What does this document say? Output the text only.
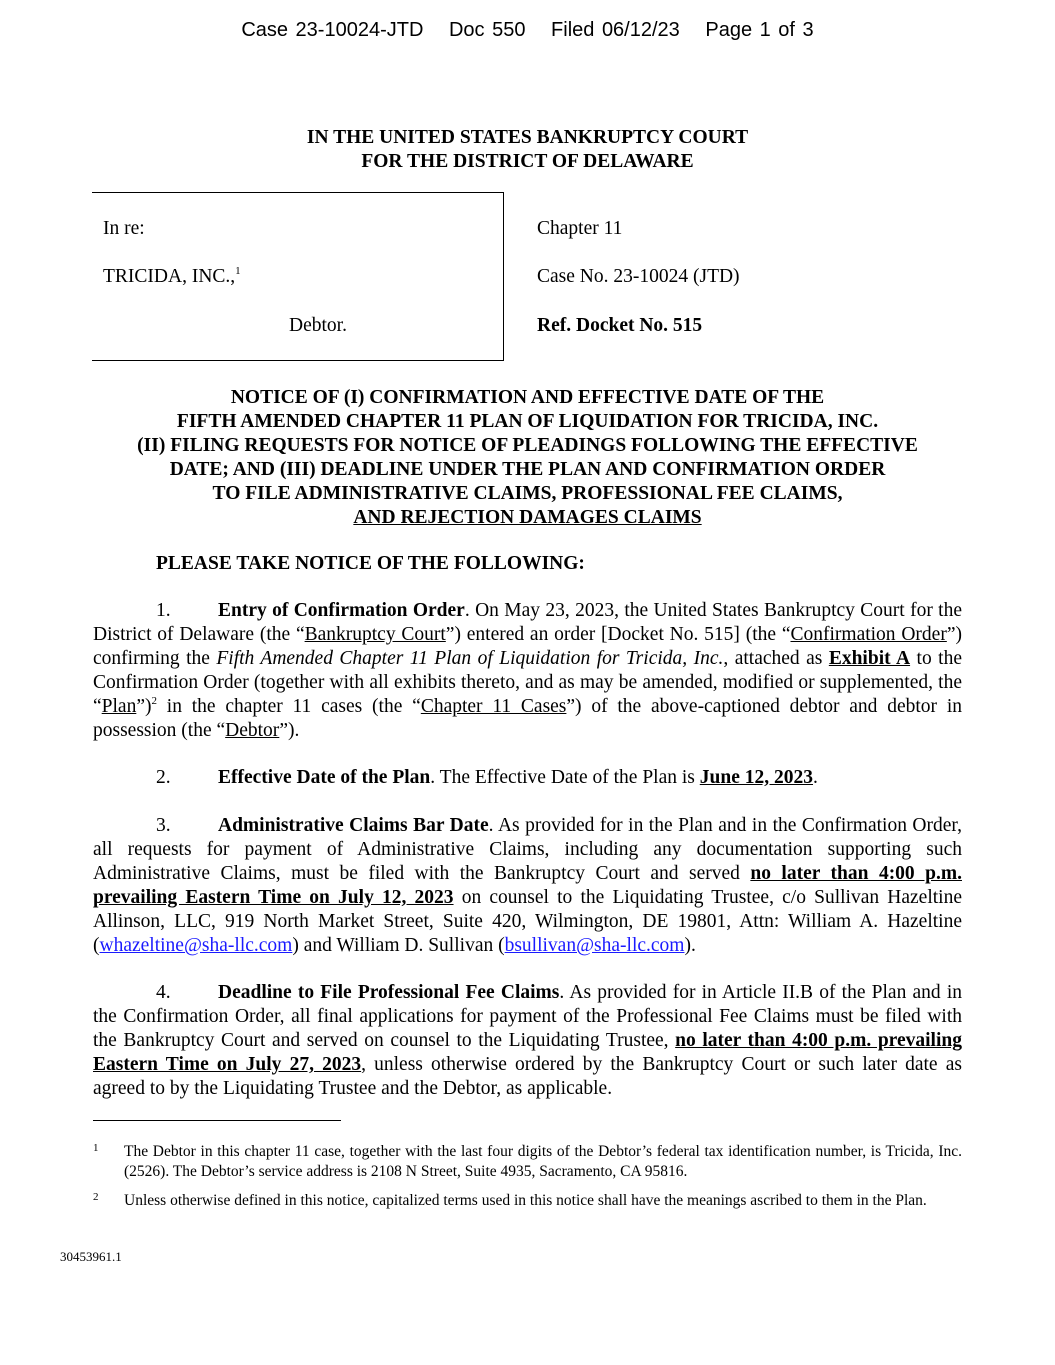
Case 23-10024-JTD Doc 550 Filed 06/12/23 Page 1 of 3
IN THE UNITED STATES BANKRUPTCY COURT
FOR THE DISTRICT OF DELAWARE
In re:
TRICIDA, INC.,$^1$
Debtor.
Chapter 11
Case No. 23-10024 (JTD)
Ref. Docket No. 515
NOTICE OF (I) CONFIRMATION AND EFFECTIVE DATE OF THE
FIFTH AMENDED CHAPTER 11 PLAN OF LIQUIDATION FOR TRICIDA, INC.
(II) FILING REQUESTS FOR NOTICE OF PLEADINGS FOLLOWING THE EFFECTIVE
DATE; AND (III) DEADLINE UNDER THE PLAN AND CONFIRMATION ORDER
TO FILE ADMINISTRATIVE CLAIMS, PROFESSIONAL FEE CLAIMS,
AND REJECTION DAMAGES CLAIMS
PLEASE TAKE NOTICE OF THE FOLLOWING:
1. Entry of Confirmation Order. On May 23, 2023, the United States Bankruptcy Court for the District of Delaware (the “Bankruptcy Court”) entered an order [Docket No. 515] (the “Confirmation Order”) confirming the Fifth Amended Chapter 11 Plan of Liquidation for Tricida, Inc., attached as Exhibit A to the Confirmation Order (together with all exhibits thereto, and as may be amended, modified or supplemented, the “Plan”)$^2$ in the chapter 11 cases (the “Chapter 11 Cases”) of the above-captioned debtor and debtor in possession (the “Debtor”).
2. Effective Date of the Plan. The Effective Date of the Plan is June 12, 2023.
3. Administrative Claims Bar Date. As provided for in the Plan and in the Confirmation Order, all requests for payment of Administrative Claims, including any documentation supporting such Administrative Claims, must be filed with the Bankruptcy Court and served no later than 4:00 p.m. prevailing Eastern Time on July 12, 2023 on counsel to the Liquidating Trustee, c/o Sullivan Hazeltine Allinson, LLC, 919 North Market Street, Suite 420, Wilmington, DE 19801, Attn: William A. Hazeltine (whazeltine@sha-llc.com) and William D. Sullivan (bsullivan@sha-llc.com).
4. Deadline to File Professional Fee Claims. As provided for in Article II.B of the Plan and in the Confirmation Order, all final applications for payment of the Professional Fee Claims must be filed with the Bankruptcy Court and served on counsel to the Liquidating Trustee, no later than 4:00 p.m. prevailing Eastern Time on July 27, 2023, unless otherwise ordered by the Bankruptcy Court or such later date as agreed to by the Liquidating Trustee and the Debtor, as applicable.
1 The Debtor in this chapter 11 case, together with the last four digits of the Debtor’s federal tax identification number, is Tricida, Inc. (2526). The Debtor’s service address is 2108 N Street, Suite 4935, Sacramento, CA 95816.
2 Unless otherwise defined in this notice, capitalized terms used in this notice shall have the meanings ascribed to them in the Plan.
30453961.1
